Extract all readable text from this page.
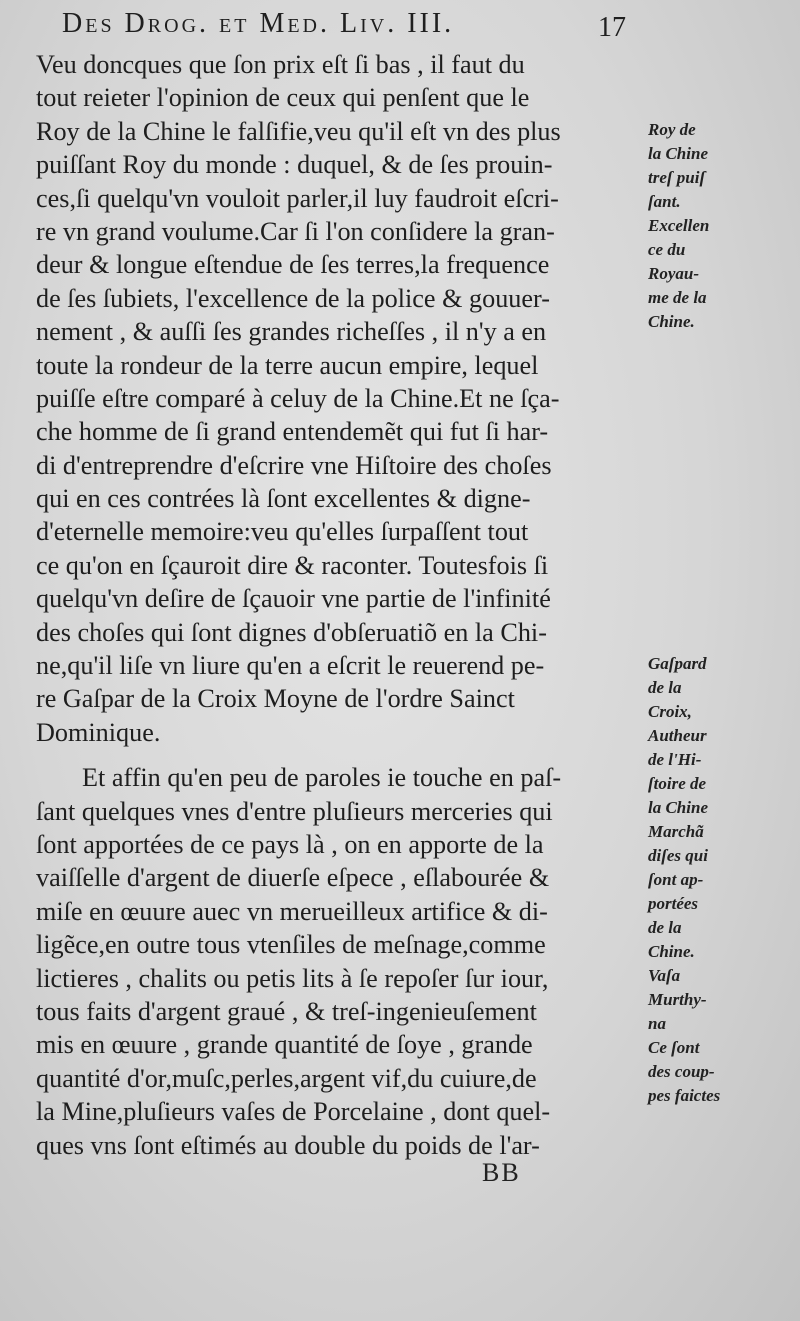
Des Drog. et Med. Liv. III.	17
Veu doncques que ſon prix eſt ſi bas , il faut du
tout reieter l'opinion de ceux qui penſent que le
Roy de la Chine le falſifie,veu qu'il eſt vn des plus
puiſſant Roy du monde : duquel, & de ſes prouin-
ces,ſi quelqu'vn vouloit parler,il luy faudroit eſcri-
re vn grand voulume.Car ſi l'on conſidere la gran-
deur & longue eſtendue de ſes terres,la frequence
de ſes ſubiets, l'excellence de la police & gouuer-
nement , & auſſi ſes grandes richeſſes , il n'y a en
toute la rondeur de la terre aucun empire, lequel
puiſſe eſtre comparé à celuy de la Chine.Et ne ſça-
che homme de ſi grand entendemẽt qui fut ſi har-
di d'entreprendre d'eſcrire vne Hiſtoire des choſes
qui en ces contrées là ſont excellentes & digne-
d'eternelle memoire:veu qu'elles ſurpaſſent tout
ce qu'on en ſçauroit dire & raconter. Toutesfois ſi
quelqu'vn deſire de ſçauoir vne partie de l'infinité
des choſes qui ſont dignes d'obſeruatiõ en la Chi-
ne,qu'il liſe vn liure qu'en a eſcrit le reuerend pe-
re Gaſpar de la Croix Moyne de l'ordre Sainct
Dominique.
Et affin qu'en peu de paroles ie touche en paſ-
ſant quelques vnes d'entre pluſieurs merceries qui
ſont apportées de ce pays là , on en apporte de la
vaiſſelle d'argent de diuerſe eſpece , eſlabourée &
miſe en œuure auec vn merueilleux artifice & di-
ligẽce,en outre tous vtenſiles de meſnage,comme
lictieres , chalits ou petis lits à ſe repoſer ſur iour,
tous faits d'argent graué , & treſ-ingenieuſement
mis en œuure , grande quantité de ſoye , grande
quantité d'or,muſc,perles,argent vif,du cuiure,de
la Mine,pluſieurs vaſes de Porcelaine , dont quel-
ques vns ſont eſtimés au double du poids de l'ar-
Roy de
la Chine
treſ puiſ
ſant.
Excellen
ce du
Royau-
me de la
Chine.
Gaſpard
de la
Croix,
Autheur
de l'Hi-
ſtoire de
la Chine
Marchã
diſes qui
ſont ap-
portées
de la
Chine.
Vaſa
Murthy-
na
Ce ſont
des coup-
pes faictes
BB
